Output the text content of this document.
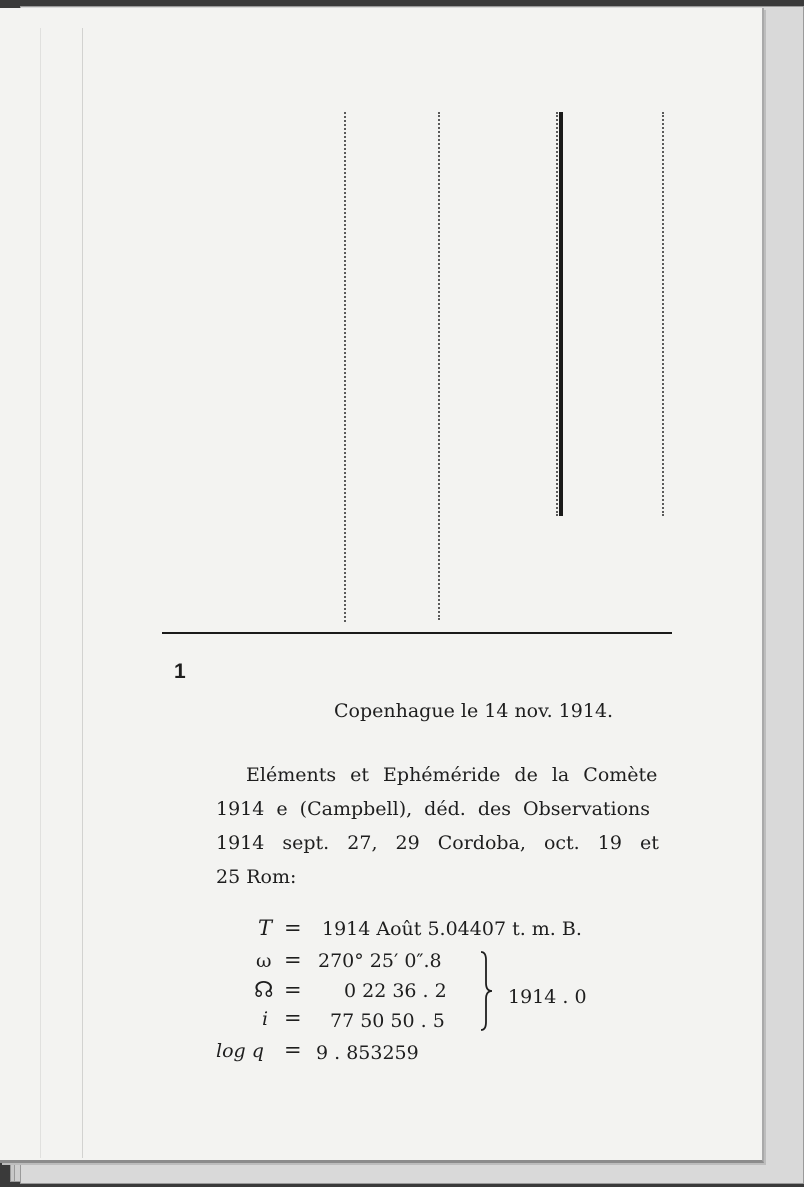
1
Copenhague le 14 nov. 1914.
Eléments et Ephéméride de la Comète
1914 e (Campbell), déd. des Observations
1914 sept. 27, 29 Cordoba, oct. 19 et
25 Rom:
T = 1914 Août 5.04407 t. m. B.
ω = 270° 25′ 0″.8
☊ = 0 22 36 . 2
i = 77 50 50 . 5
log q = 9 . 853259
1914 . 0
